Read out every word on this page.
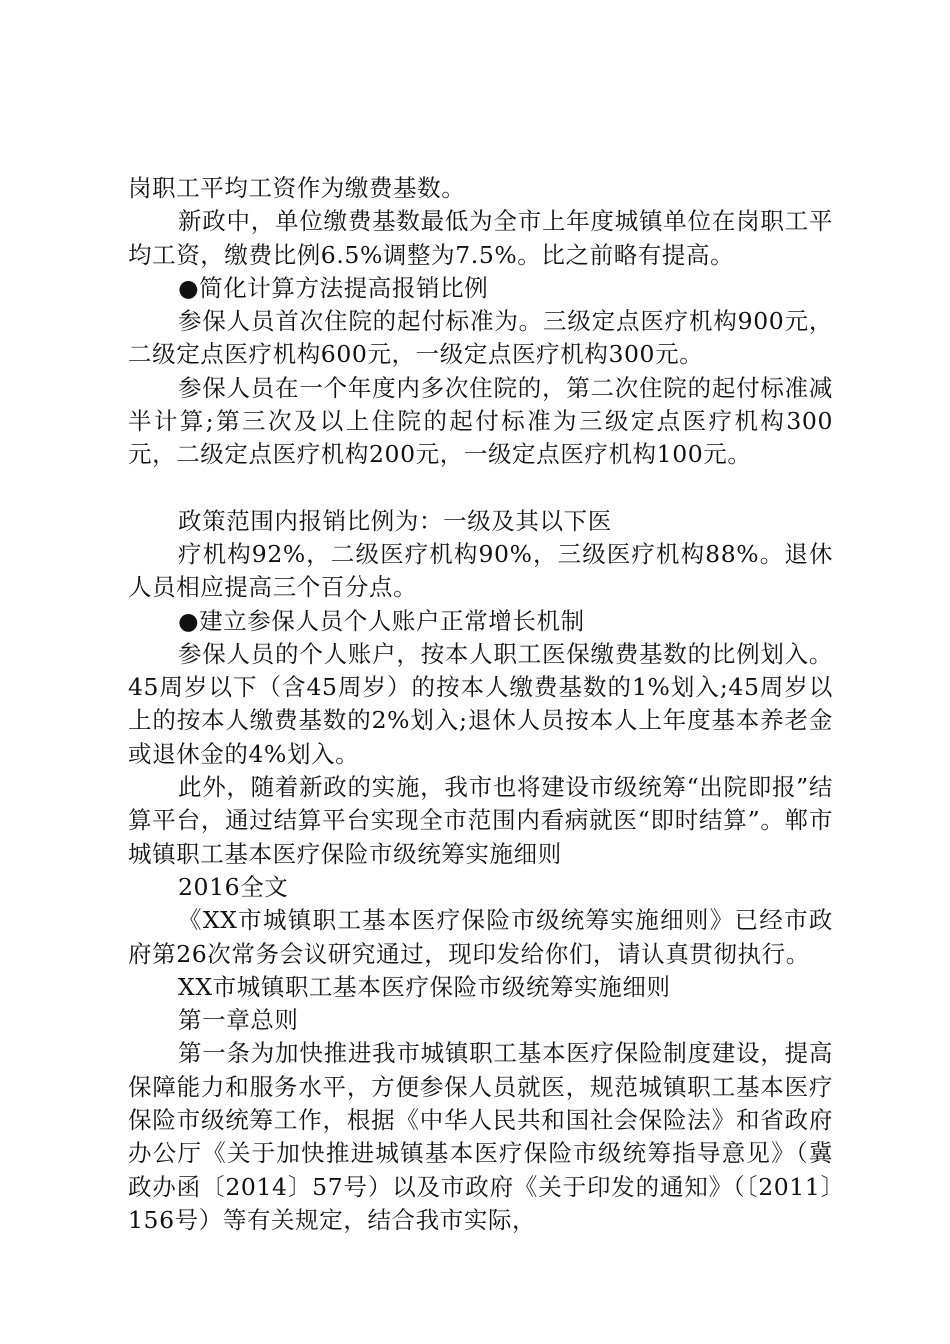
岗职工平均工资作为缴费基数。

新政中，单位缴费基数最低为全市上年度城镇单位在岗职工平均工资，缴费比例6.5%调整为7.5%。比之前略有提高。

●简化计算方法提高报销比例

参保人员首次住院的起付标准为。三级定点医疗机构900元，二级定点医疗机构600元，一级定点医疗机构300元。

参保人员在一个年度内多次住院的，第二次住院的起付标准减半计算;第三次及以上住院的起付标准为三级定点医疗机构300元，二级定点医疗机构200元，一级定点医疗机构100元。

政策范围内报销比例为：一级及其以下医

疗机构92%，二级医疗机构90%，三级医疗机构88%。退休人员相应提高三个百分点。

●建立参保人员个人账户正常增长机制

参保人员的个人账户，按本人职工医保缴费基数的比例划入。45周岁以下（含45周岁）的按本人缴费基数的1%划入;45周岁以上的按本人缴费基数的2%划入;退休人员按本人上年度基本养老金或退休金的4%划入。

此外，随着新政的实施，我市也将建设市级统筹“出院即报”结算平台，通过结算平台实现全市范围内看病就医“即时结算”。郸市城镇职工基本医疗保险市级统筹实施细则

2016全文

《XX市城镇职工基本医疗保险市级统筹实施细则》已经市政府第26次常务会议研究通过，现印发给你们，请认真贯彻执行。

XX市城镇职工基本医疗保险市级统筹实施细则

第一章总则

第一条为加快推进我市城镇职工基本医疗保险制度建设，提高保障能力和服务水平，方便参保人员就医，规范城镇职工基本医疗保险市级统筹工作，根据《中华人民共和国社会保险法》和省政府办公厅《关于加快推进城镇基本医疗保险市级统筹指导意见》（冀政办函〔2014〕57号）以及市政府《关于印发的通知》（〔2011〕156号）等有关规定，结合我市实际，
